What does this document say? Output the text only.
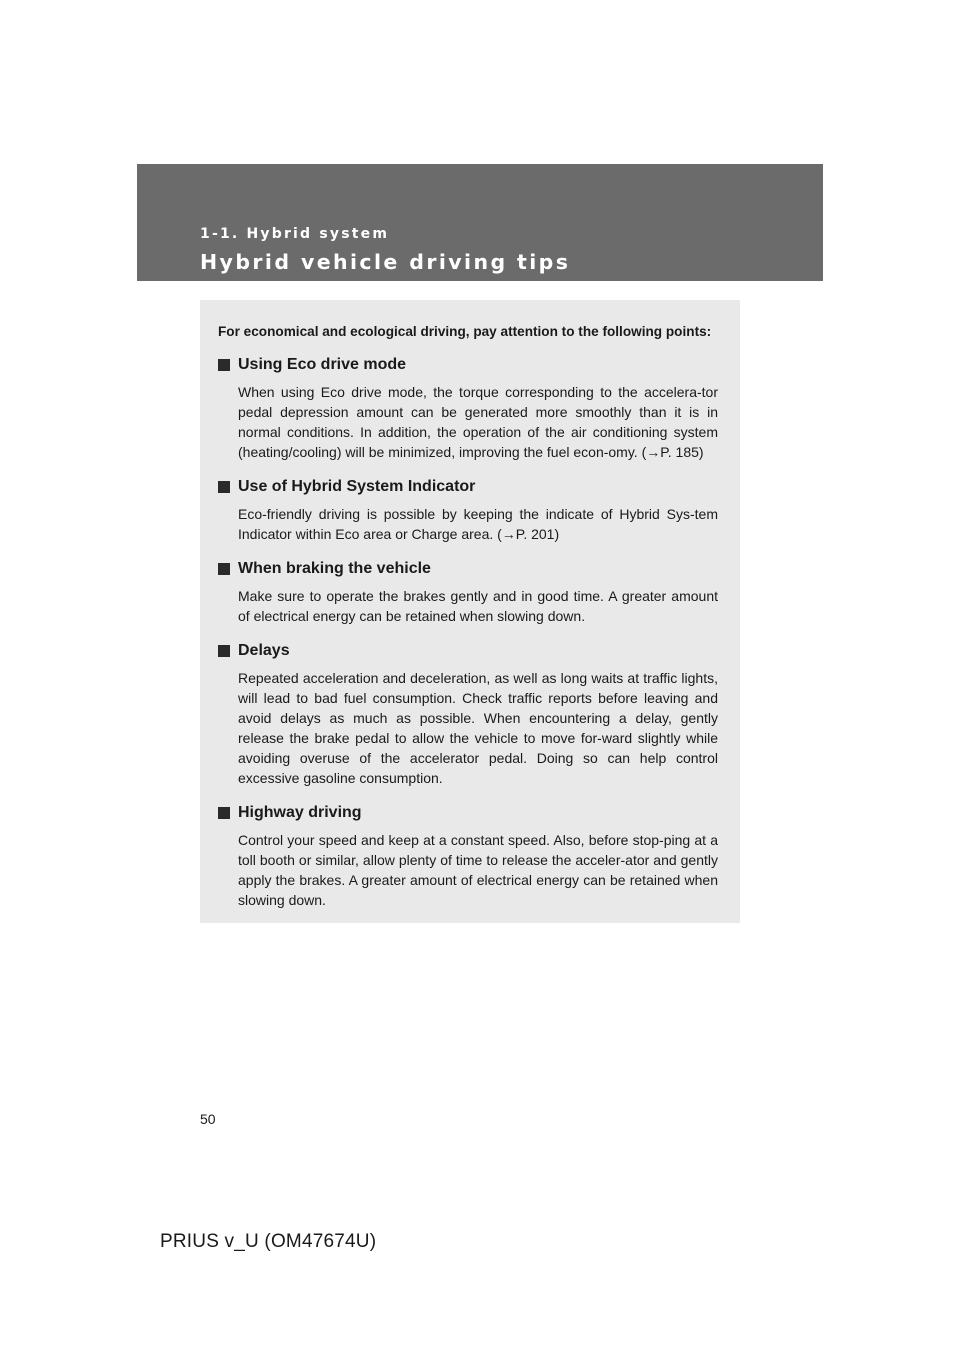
1-1. Hybrid system
Hybrid vehicle driving tips

For economical and ecological driving, pay attention to the following points:

Using Eco drive mode

When using Eco drive mode, the torque corresponding to the accelera-tor pedal depression amount can be generated more smoothly than it is in normal conditions. In addition, the operation of the air conditioning system (heating/cooling) will be minimized, improving the fuel econ-omy. (→P. 185)

Use of Hybrid System Indicator

Eco-friendly driving is possible by keeping the indicate of Hybrid Sys-tem Indicator within Eco area or Charge area. (→P. 201)

When braking the vehicle

Make sure to operate the brakes gently and in good time. A greater amount of electrical energy can be retained when slowing down.

Delays

Repeated acceleration and deceleration, as well as long waits at traffic lights, will lead to bad fuel consumption. Check traffic reports before leaving and avoid delays as much as possible. When encountering a delay, gently release the brake pedal to allow the vehicle to move for-ward slightly while avoiding overuse of the accelerator pedal. Doing so can help control excessive gasoline consumption.

Highway driving

Control your speed and keep at a constant speed. Also, before stop-ping at a toll booth or similar, allow plenty of time to release the acceler-ator and gently apply the brakes. A greater amount of electrical energy can be retained when slowing down.

50
PRIUS v_U (OM47674U)
